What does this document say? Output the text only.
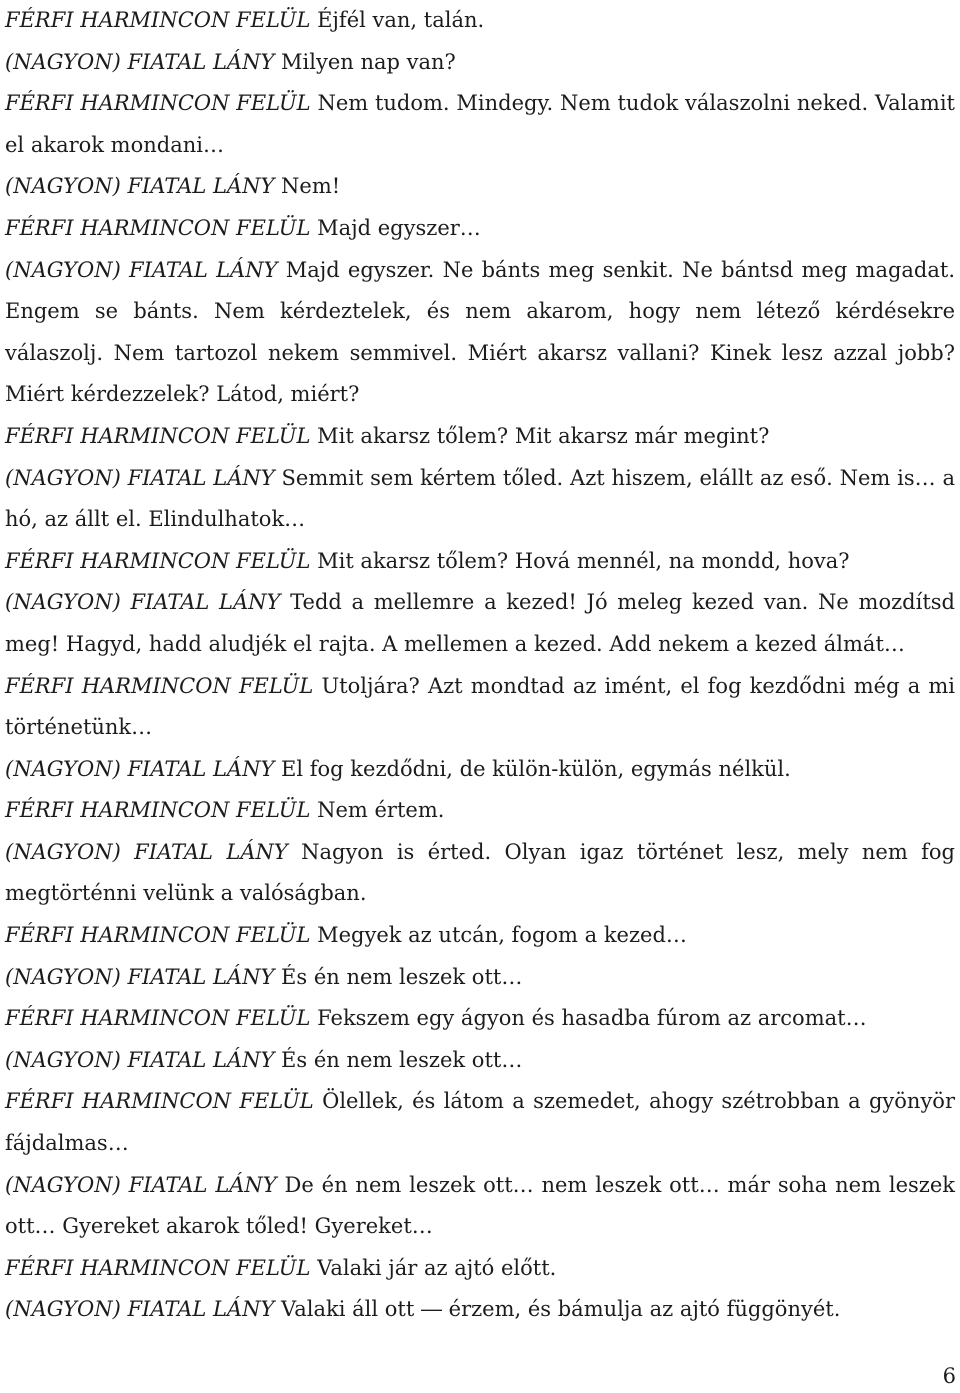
FÉRFI HARMINCON FELÜL Éjfél van, talán.

(NAGYON) FIATAL LÁNY Milyen nap van?

FÉRFI HARMINCON FELÜL Nem tudom. Mindegy. Nem tudok válaszolni neked. Valamit el akarok mondani…

(NAGYON) FIATAL LÁNY Nem!

FÉRFI HARMINCON FELÜL Majd egyszer…

(NAGYON) FIATAL LÁNY Majd egyszer. Ne bánts meg senkit. Ne bántsd meg magadat. Engem se bánts. Nem kérdeztelek, és nem akarom, hogy nem létező kérdésekre válaszolj. Nem tartozol nekem semmivel. Miért akarsz vallani? Kinek lesz azzal jobb? Miért kérdezzelek? Látod, miért?

FÉRFI HARMINCON FELÜL Mit akarsz tőlem? Mit akarsz már megint?

(NAGYON) FIATAL LÁNY Semmit sem kértem tőled. Azt hiszem, elállt az eső. Nem is… a hó, az állt el. Elindulhatok…

FÉRFI HARMINCON FELÜL Mit akarsz tőlem? Hová mennél, na mondd, hova?

(NAGYON) FIATAL LÁNY Tedd a mellemre a kezed! Jó meleg kezed van. Ne mozdítsd meg! Hagyd, hadd aludjék el rajta. A mellemen a kezed. Add nekem a kezed álmát…

FÉRFI HARMINCON FELÜL Utoljára? Azt mondtad az imént, el fog kezdődni még a mi történetünk…

(NAGYON) FIATAL LÁNY El fog kezdődni, de külön-külön, egymás nélkül.

FÉRFI HARMINCON FELÜL Nem értem.

(NAGYON) FIATAL LÁNY Nagyon is érted. Olyan igaz történet lesz, mely nem fog megtörténni velünk a valóságban.

FÉRFI HARMINCON FELÜL Megyek az utcán, fogom a kezed…

(NAGYON) FIATAL LÁNY És én nem leszek ott…

FÉRFI HARMINCON FELÜL Fekszem egy ágyon és hasadba fúrom az arcomat…

(NAGYON) FIATAL LÁNY És én nem leszek ott…

FÉRFI HARMINCON FELÜL Ölellek, és látom a szemedet, ahogy szétrobban a gyönyör fájdalmas…

(NAGYON) FIATAL LÁNY De én nem leszek ott… nem leszek ott… már soha nem leszek ott… Gyereket akarok tőled! Gyereket…

FÉRFI HARMINCON FELÜL Valaki jár az ajtó előtt.

(NAGYON) FIATAL LÁNY Valaki áll ott ― érzem, és bámulja az ajtó függönyét.

6
